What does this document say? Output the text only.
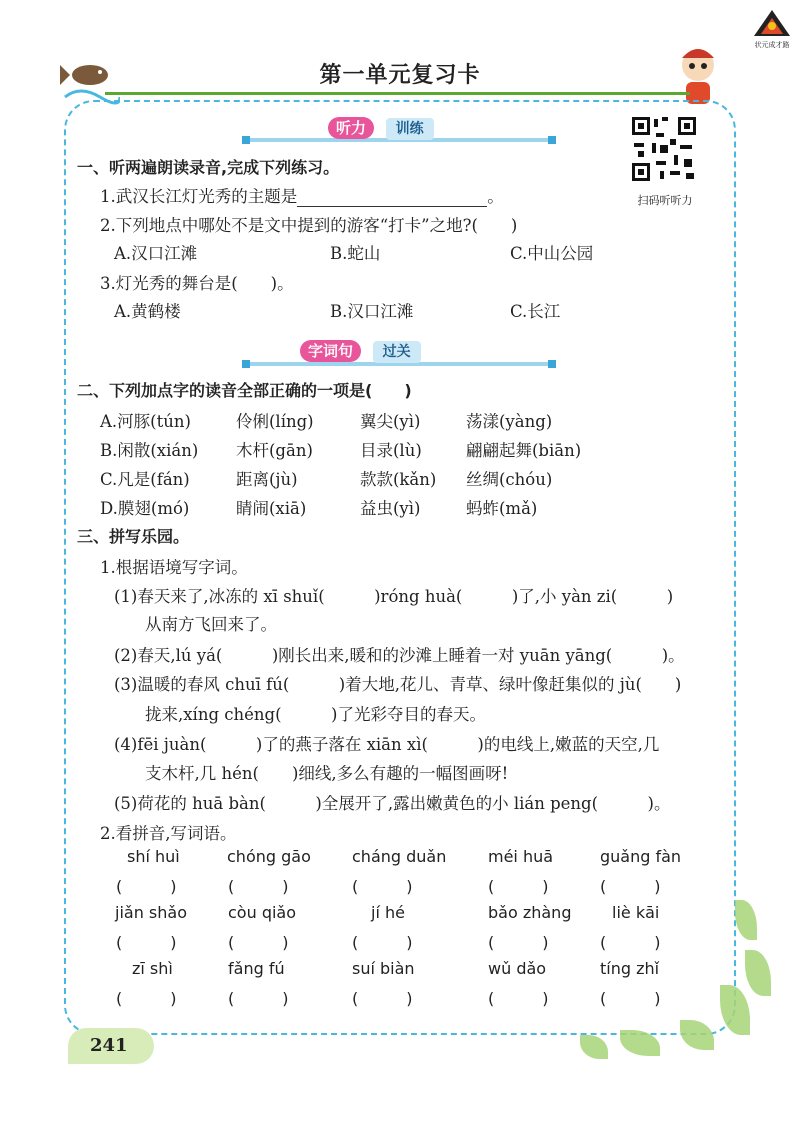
状元成才路
第一单元复习卡
扫码听听力
听力 训练
一、听两遍朗读录音,完成下列练习。
1.武汉长江灯光秀的主题是	。
2.下列地点中哪处不是文中提到的游客“打卡”之地?(　　)
A.汉口江滩	B.蛇山	C.中山公园
3.灯光秀的舞台是(　　)。
A.黄鹤楼	B.汉口江滩	C.长江
字词句 过关
二、下列加点字的读音全部正确的一项是(　　)
A.河豚(tún)	伶俐(líng)	翼尖(yì)	荡漾(yàng)
B.闲散(xián) 木杆(gān)	目录(lù)	翩翩起舞(biān)
C.凡是(fán)	距离(jù)	款款(kǎn) 丝绸(chóu)
D.膜翅(mó)	睛闹(xiā)	益虫(yì)	蚂蚱(mǎ)
三、拼写乐园。
1.根据语境写字词。
(1)春天来了,冰冻的 xī shuǐ(　　　)róng huà(　　　)了,小 yàn zi(　　　)
从南方飞回来了。
(2)春天,lú yá(　　　)刚长出来,暖和的沙滩上睡着一对 yuān yāng(　　　)。
(3)温暖的春风 chuī fú(　　　)着大地,花儿、青草、绿叶像赶集似的 jù(　　)
拢来,xíng chéng(　　　)了光彩夺目的春天。
(4)fēi juàn(　　　)了的燕子落在 xiān xì(　　　)的电线上,嫩蓝的天空,几
支木杆,几 hén(　　)细线,多么有趣的一幅图画呀!
(5)荷花的 huā bàn(　　　)全展开了,露出嫩黄色的小 lián peng(　　　)。
2.看拼音,写词语。
shí huì	chóng gāo	cháng duǎn	méi huā	guǎng fàn
(　　　)	(　　　)	(　　　)	(　　　)	(　　　)
jiǎn shǎo	còu qiǎo	jí hé	bǎo zhàng	liè kāi
(　　　)	(　　　)	(　　　)	(　　　)	(　　　)
zī shì	fǎng fú	suí biàn	wǔ dǎo	tíng zhǐ
(　　　)	(　　　)	(　　　)	(　　　)	(　　　)
241
